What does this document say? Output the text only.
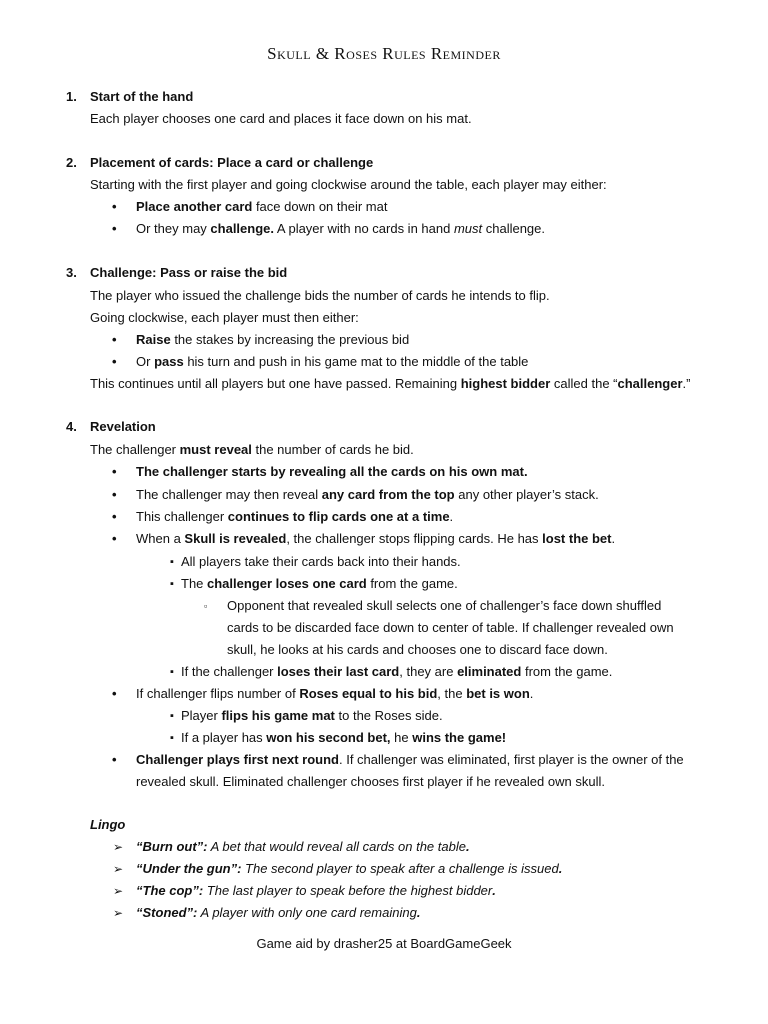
Skull & Roses Rules Reminder
1. Start of the hand
Each player chooses one card and places it face down on his mat.
2. Placement of cards: Place a card or challenge
Starting with the first player and going clockwise around the table, each player may either:
• Place another card face down on their mat
• Or they may challenge. A player with no cards in hand must challenge.
3. Challenge: Pass or raise the bid
The player who issued the challenge bids the number of cards he intends to flip.
Going clockwise, each player must then either:
• Raise the stakes by increasing the previous bid
• Or pass his turn and push in his game mat to the middle of the table
This continues until all players but one have passed. Remaining highest bidder called the “challenger.”
4. Revelation
The challenger must reveal the number of cards he bid.
• The challenger starts by revealing all the cards on his own mat.
• The challenger may then reveal any card from the top any other player’s stack.
• This challenger continues to flip cards one at a time.
• When a Skull is revealed, the challenger stops flipping cards. He has lost the bet.
▪ All players take their cards back into their hands.
▪ The challenger loses one card from the game.
▫ Opponent that revealed skull selects one of challenger’s face down shuffled
cards to be discarded face down to center of table. If challenger revealed own
skull, he looks at his cards and chooses one to discard face down.
▪ If the challenger loses their last card, they are eliminated from the game.
• If challenger flips number of Roses equal to his bid, the bet is won.
▪ Player flips his game mat to the Roses side.
▪ If a player has won his second bet, he wins the game!
• Challenger plays first next round. If challenger was eliminated, first player is the owner of the
revealed skull. Eliminated challenger chooses first player if he revealed own skull.
Lingo
➢ “Burn out”: A bet that would reveal all cards on the table.
➢ “Under the gun”: The second player to speak after a challenge is issued.
➢ “The cop”: The last player to speak before the highest bidder.
➢ “Stoned”: A player with only one card remaining.
Game aid by drasher25 at BoardGameGeek
